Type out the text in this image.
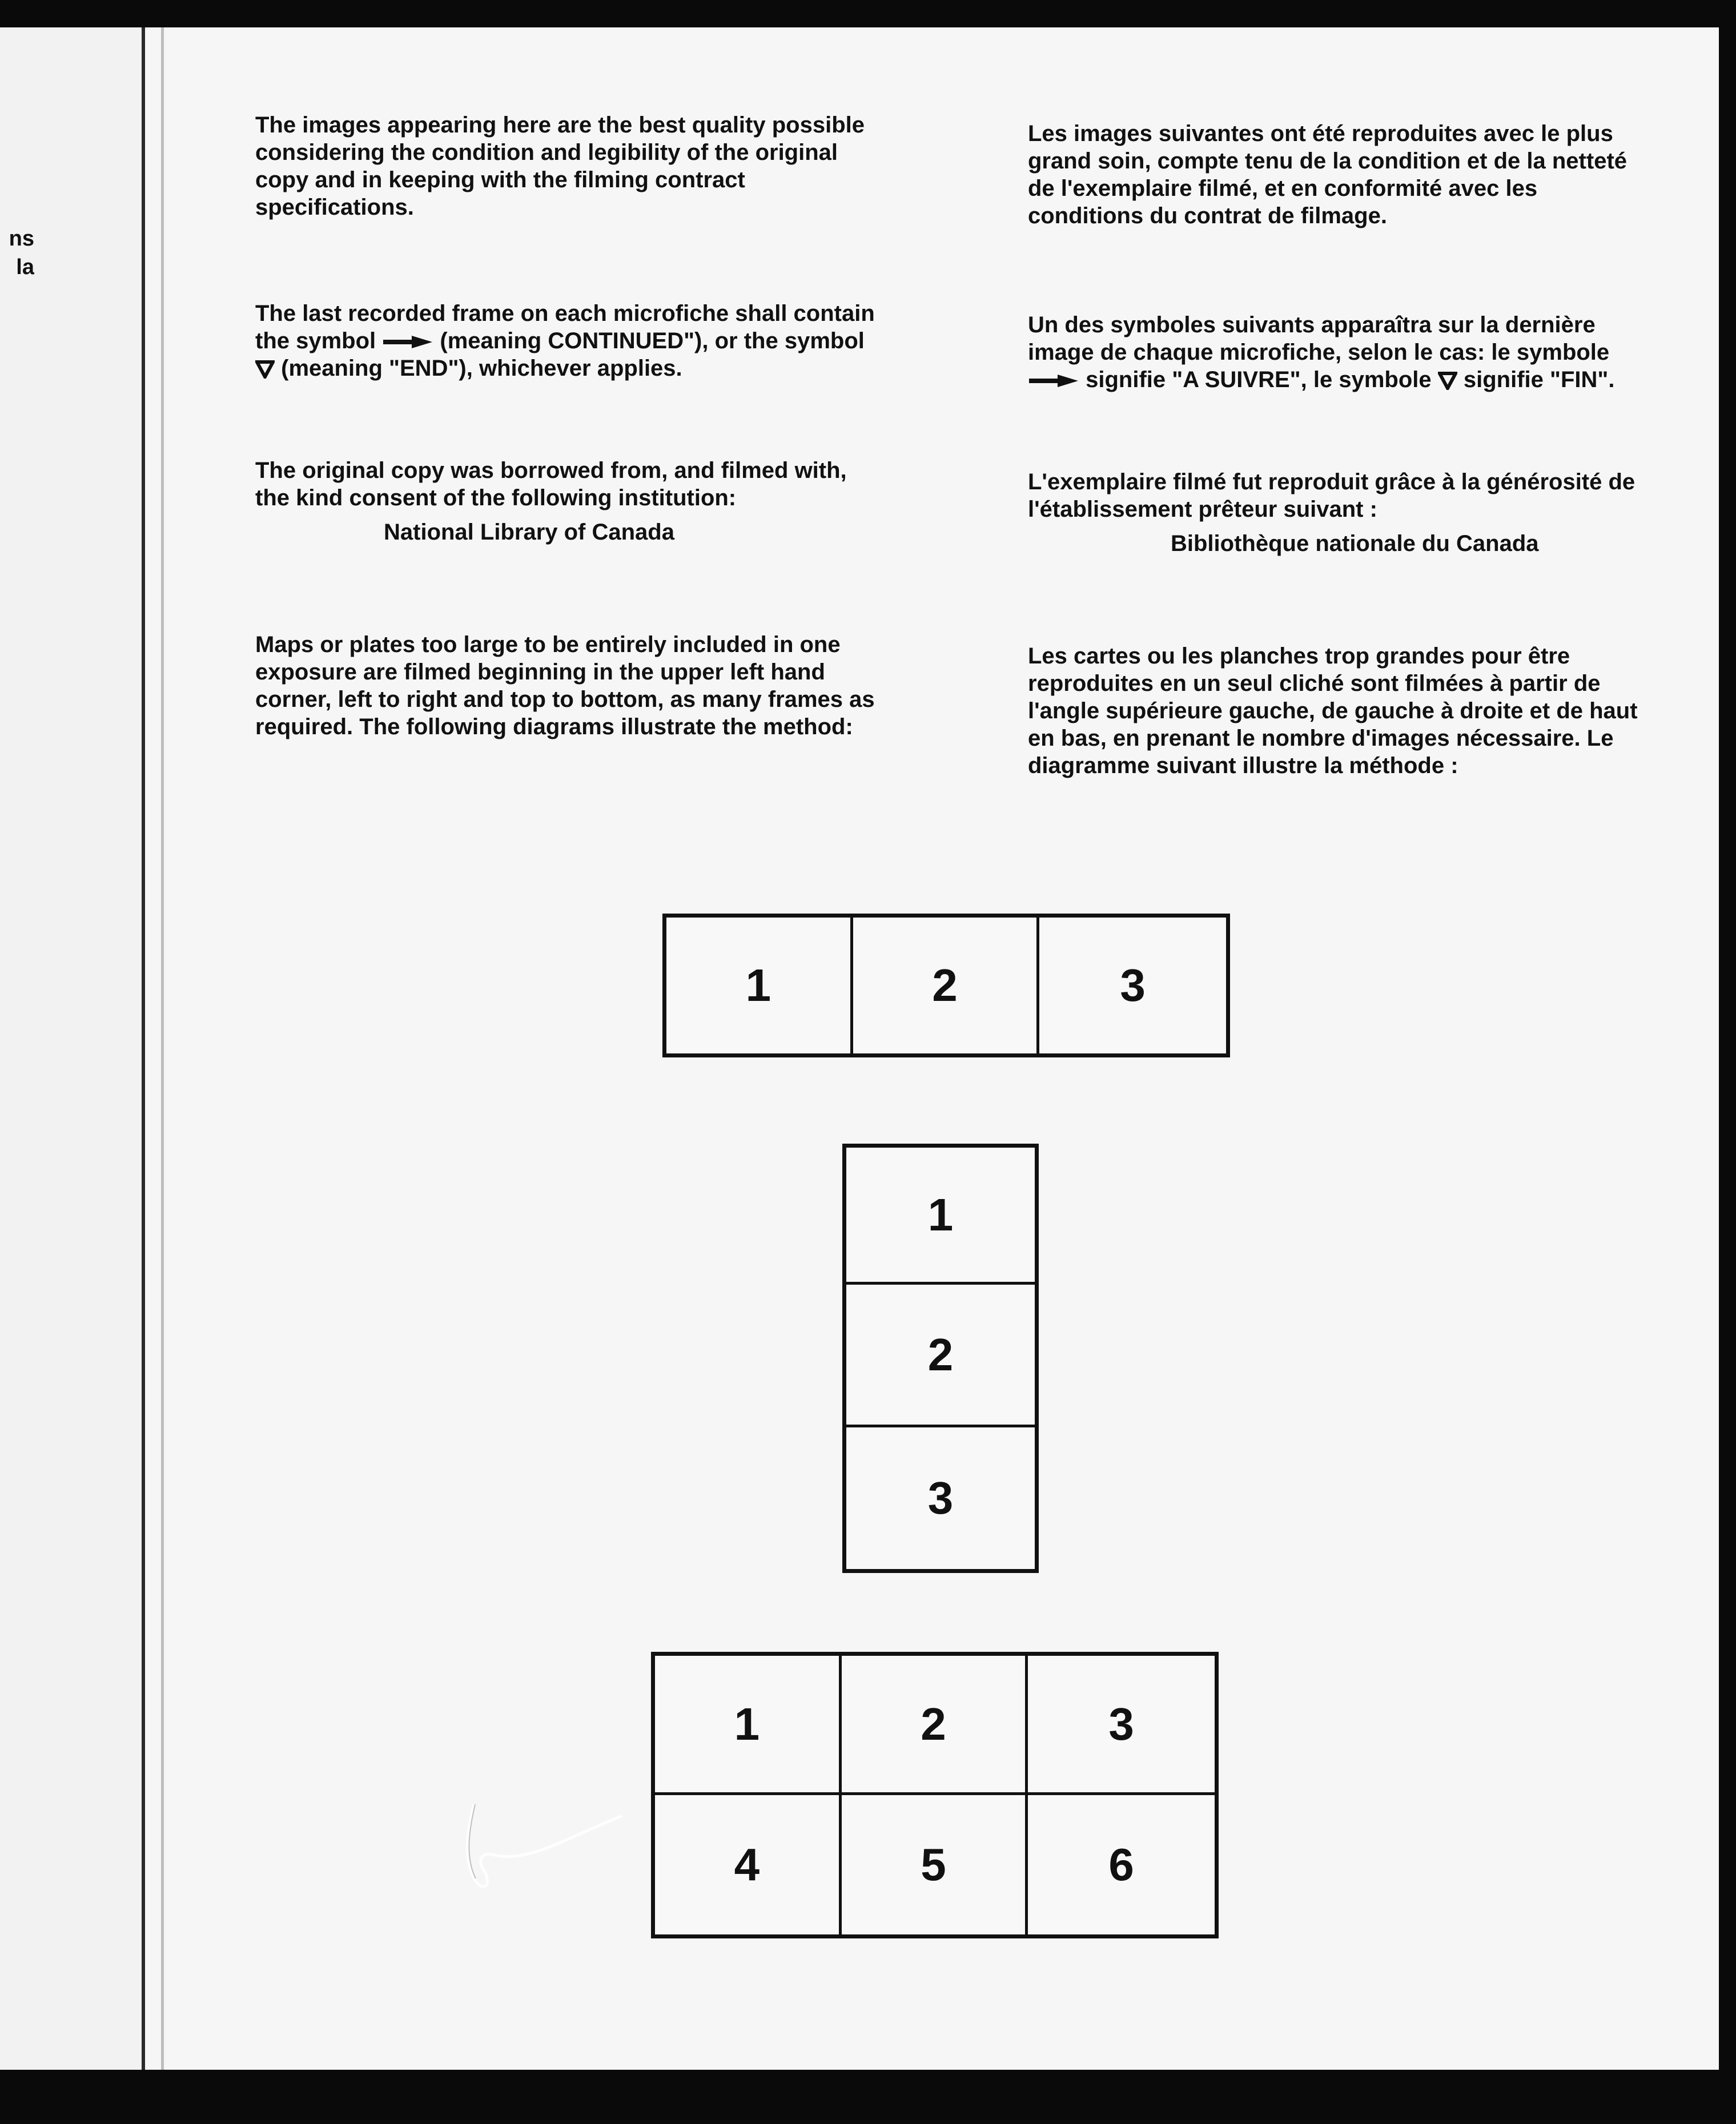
ns
la

The images appearing here are the best quality possible considering the condition and legibility of the original copy and in keeping with the filming contract specifications.

The last recorded frame on each microfiche shall contain the symbol	(meaning CONTINUED"), or the symbol  (meaning "END"), whichever applies.

The original copy was borrowed from, and filmed with, the kind consent of the following institution:

National Library of Canada

Maps or plates too large to be entirely included in one exposure are filmed beginning in the upper left hand corner, left to right and top to bottom, as many frames as required. The following diagrams illustrate the method:

Les images suivantes ont été reproduites avec le plus grand soin, compte tenu de la condition et de la netteté de l'exemplaire filmé, et en conformité avec les conditions du contrat de filmage.

Un des symboles suivants apparaîtra sur la dernière image de chaque microfiche, selon le cas: le symbole  signifie "A SUIVRE", le symbole signifie "FIN".

L'exemplaire filmé fut reproduit grâce à la générosité de l'établissement prêteur suivant :

Bibliothèque nationale du Canada

Les cartes ou les planches trop grandes pour être reproduites en un seul cliché sont filmées à partir de l'angle supérieure gauche, de gauche à droite et de haut en bas, en prenant le nombre d'images nécessaire. Le diagramme suivant illustre la méthode :

1	2	3
1
2
3
1	2	3
4	5	6
